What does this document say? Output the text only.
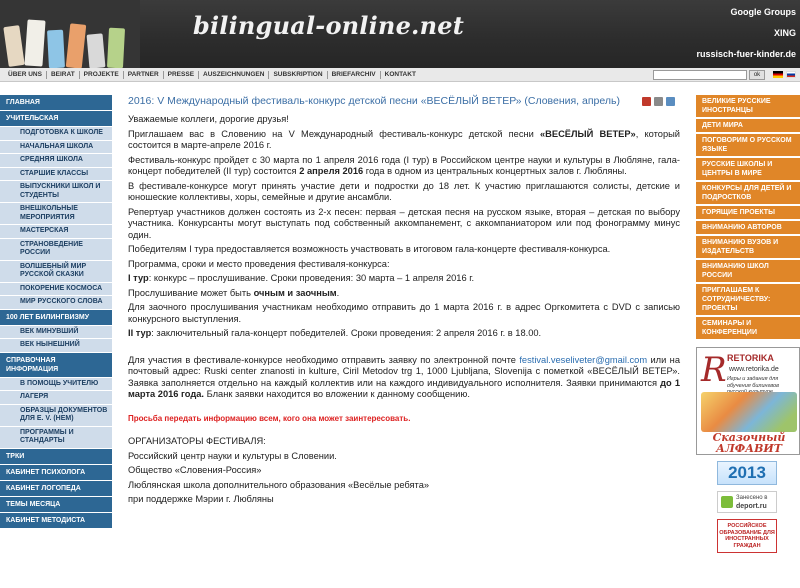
bilingual-online.net	Google Groups
XING
russisch-fuer-kinder.de
ÜBER UNS	BEIRAT	PROJEKTE	PARTNER	PRESSE	AUSZEICHNUNGEN	SUBSKRIPTION	BRIEFARCHIV	KONTAKT	ok
ГЛАВНАЯ
УЧИТЕЛЬСКАЯ
ПОДГОТОВКА К ШКОЛЕ
НАЧАЛЬНАЯ ШКОЛА
СРЕДНЯЯ ШКОЛА
СТАРШИЕ КЛАССЫ
ВЫПУСКНИКИ ШКОЛ И СТУДЕНТЫ
ВНЕШКОЛЬНЫЕ МЕРОПРИЯТИЯ
МАСТЕРСКАЯ
СТРАНОВЕДЕНИЕ РОССИИ
ВОЛШЕБНЫЙ МИР РУССКОЙ СКАЗКИ
ПОКОРЕНИЕ КОСМОСА
МИР РУССКОГО СЛОВА
100 ЛЕТ БИЛИНГВИЗМУ
ВЕК МИНУВШИЙ
ВЕК НЫНЕШНИЙ
СПРАВОЧНАЯ ИНФОРМАЦИЯ
В ПОМОЩЬ УЧИТЕЛЮ
ЛАГЕРЯ
ОБРАЗЦЫ ДОКУМЕНТОВ ДЛЯ E. V. (НЕМ)
ПРОГРАММЫ И СТАНДАРТЫ
ТРКИ
КАБИНЕТ ПСИХОЛОГА
КАБИНЕТ ЛОГОПЕДА
ТЕМЫ МЕСЯЦА
КАБИНЕТ МЕТОДИСТА
2016: V Международный фестиваль-конкурс детской песни «ВЕСЁЛЫЙ ВЕТЕР» (Словения, апрель)

Уважаемые коллеги, дорогие друзья!

Приглашаем вас в Словению на V Международный фестиваль-конкурс детской песни «ВЕСЁЛЫЙ ВЕТЕР», который состоится в марте-апреле 2016 г.

Фестиваль-конкурс пройдет с 30 марта по 1 апреля 2016 года (I тур) в Российском центре науки и культуры в Любляне, гала-концерт победителей (II тур) состоится 2 апреля 2016 года в одном из центральных концертных залов г. Любляны.

В фестивале-конкурсе могут принять участие дети и подростки до 18 лет. К участию приглашаются солисты, детские и юношеские коллективы, хоры, семейные и другие ансамбли.

Репертуар участников должен состоять из 2-х песен: первая – детская песня на русском языке, вторая – детская по выбору участника. Конкурсанты могут выступать под собственный аккомпанемент, с аккомпаниатором или под фонограмму минус один.

Победителям I тура предоставляется возможность участвовать в итоговом гала-концерте фестиваля-конкурса.

Программа, сроки и место проведения фестиваля-конкурса:

I тур: конкурс – прослушивание. Сроки проведения: 30 марта – 1 апреля 2016 г.

Прослушивание может быть очным и заочным.

Для заочного прослушивания участникам необходимо отправить до 1 марта 2016 г. в адрес Оргкомитета с DVD с записью конкурсного выступления.

II тур: заключительный гала-концерт победителей. Сроки проведения: 2 апреля 2016 г. в 18.00.

Для участия в фестивале-конкурсе необходимо отправить заявку по электронной почте festival.veseliveter@gmail.com или на почтовый адрес: Ruski center znanosti in kulture, Ciril Metodov trg 1, 1000 Ljubljana, Slovenija с пометкой «ВЕСЁЛЫЙ ВЕТЕР». Заявка заполняется отдельно на каждый коллектив или на каждого индивидуального исполнителя. Заявки принимаются до 1 марта 2016 года. Бланк заявки находится во вложении к данному сообщению.

Просьба передать информацию всем, кого она может заинтересовать.

ОРГАНИЗАТОРЫ ФЕСТИВАЛЯ:

Российский центр науки и культуры в Словении.

Общество «Словения-Россия»

Люблянская школа дополнительного образования «Весёлые ребята»

при поддержке Мэрии г. Любляны

ВЕЛИКИЕ РУССКИЕ ИНОСТРАНЦЫ
ДЕТИ МИРА
ПОГОВОРИМ О РУССКОМ ЯЗЫКЕ
РУССКИЕ ШКОЛЫ И ЦЕНТРЫ В МИРЕ
КОНКУРСЫ ДЛЯ ДЕТЕЙ И ПОДРОСТКОВ
ГОРЯЩИЕ ПРОЕКТЫ
ВНИМАНИЮ АВТОРОВ
ВНИМАНИЮ ВУЗОВ И ИЗДАТЕЛЬСТВ
ВНИМАНИЮ ШКОЛ РОССИИ
ПРИГЛАШАЕМ К СОТРУДНИЧЕСТВУ: ПРОЕКТЫ
СЕМИНАРЫ И КОНФЕРЕНЦИИ
R RETORIKA
www.retorika.de
Игры и задания для обучения билингвов
Сказочный АЛФАВИТ
2013
Занесено в
deport.ru
РОССИЙСКОЕ ОБРАЗОВАНИЕ ДЛЯ ИНОСТРАННЫХ ГРАЖДАН
